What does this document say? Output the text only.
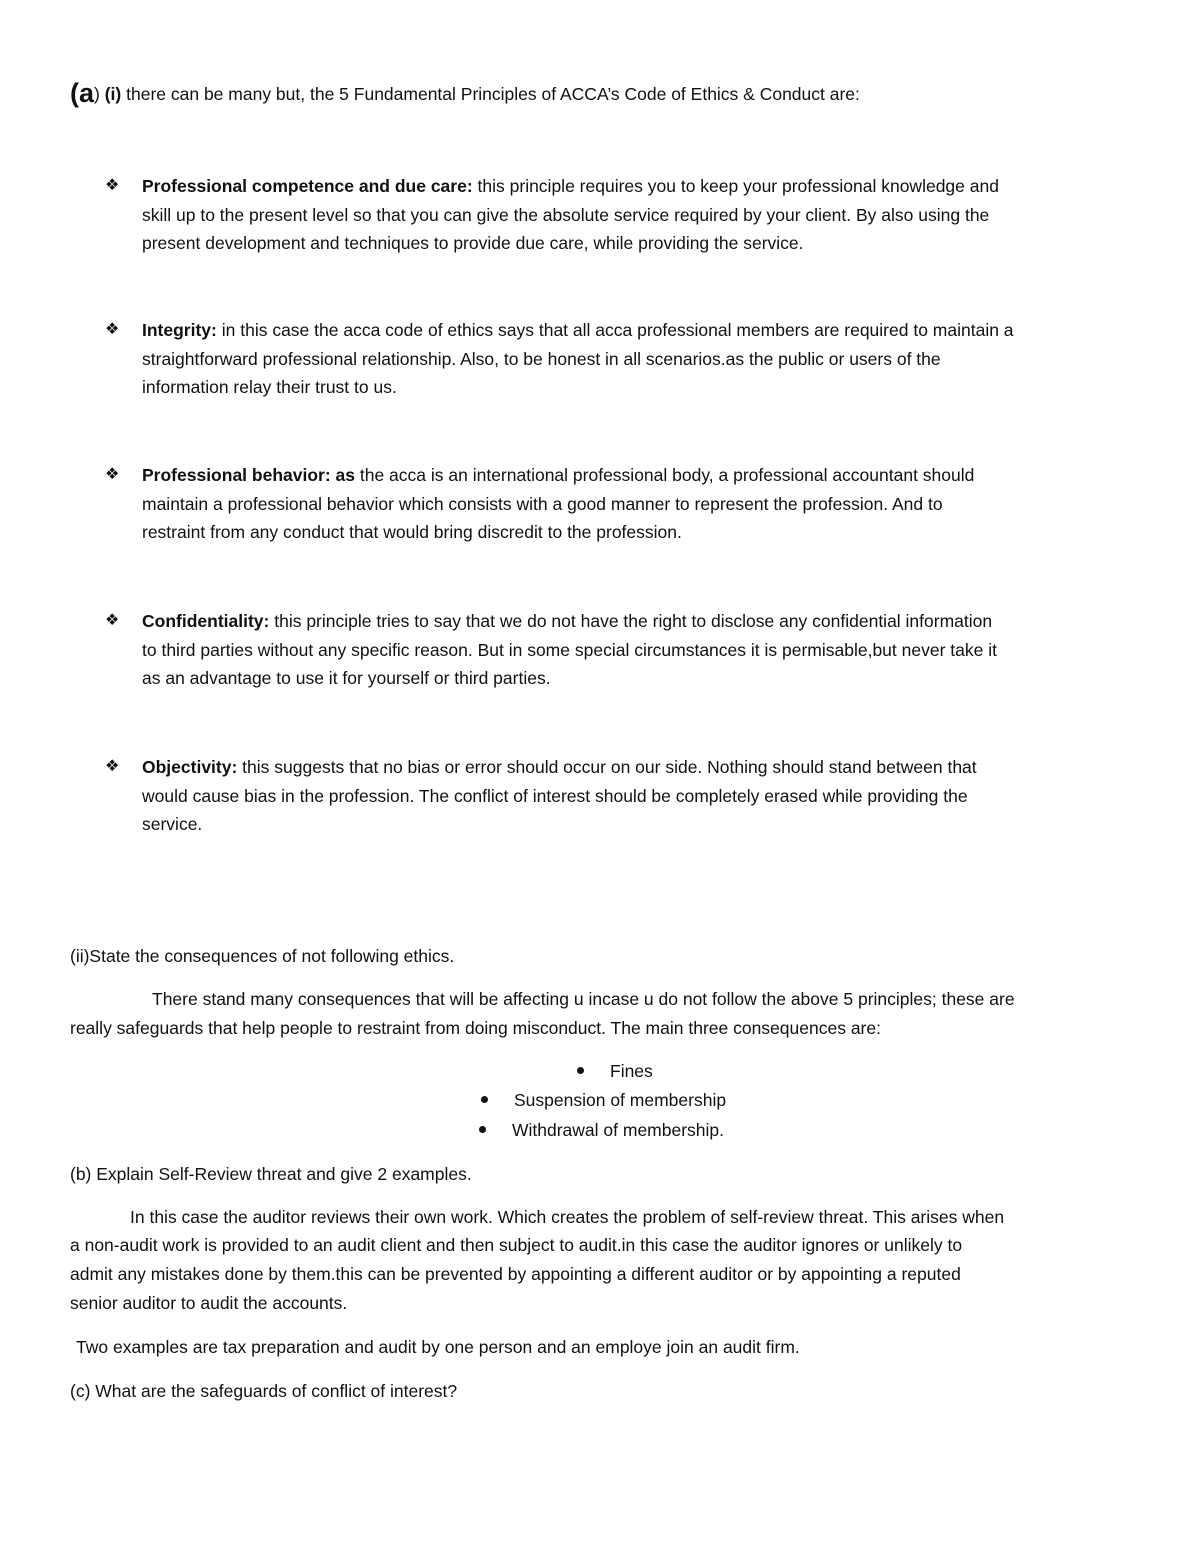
(a) (i) there can be many but, the 5 Fundamental Principles of ACCA’s Code of Ethics & Conduct are:
❖	Professional competence and due care: this principle requires you to keep your professional knowledge and
skill up to the present level so that you can give the absolute service required by your client. By also using the
present development and techniques to provide due care, while providing the service.
❖	Integrity: in this case the acca code of ethics says that all acca professional members are required to maintain a
straightforward professional relationship. Also, to be honest in all scenarios.as the public or users of the
information relay their trust to us.
❖	Professional behavior: as the acca is an international professional body, a professional accountant should
maintain a professional behavior which consists with a good manner to represent the profession. And to
restraint from any conduct that would bring discredit to the profession.
❖	Confidentiality: this principle tries to say that we do not have the right to disclose any confidential information
to third parties without any specific reason. But in some special circumstances it is permisable,but never take it
as an advantage to use it for yourself or third parties.
❖	Objectivity: this suggests that no bias or error should occur on our side. Nothing should stand between that
would cause bias in the profession. The conflict of interest should be completely erased while providing the
service.
(ii)State the consequences of not following ethics.
There stand many consequences that will be affecting u incase u do not follow the above 5 principles; these are
really safeguards that help people to restraint from doing misconduct. The main three consequences are:
Fines
Suspension of membership
Withdrawal of membership.
(b) Explain Self-Review threat and give 2 examples.
In this case the auditor reviews their own work. Which creates the problem of self-review threat. This arises when
a non-audit work is provided to an audit client and then subject to audit.in this case the auditor ignores or unlikely to
admit any mistakes done by them.this can be prevented by appointing a different auditor or by appointing a reputed
senior auditor to audit the accounts.
Two examples are tax preparation and audit by one person and an employe join an audit firm.
(c) What are the safeguards of conflict of interest?
